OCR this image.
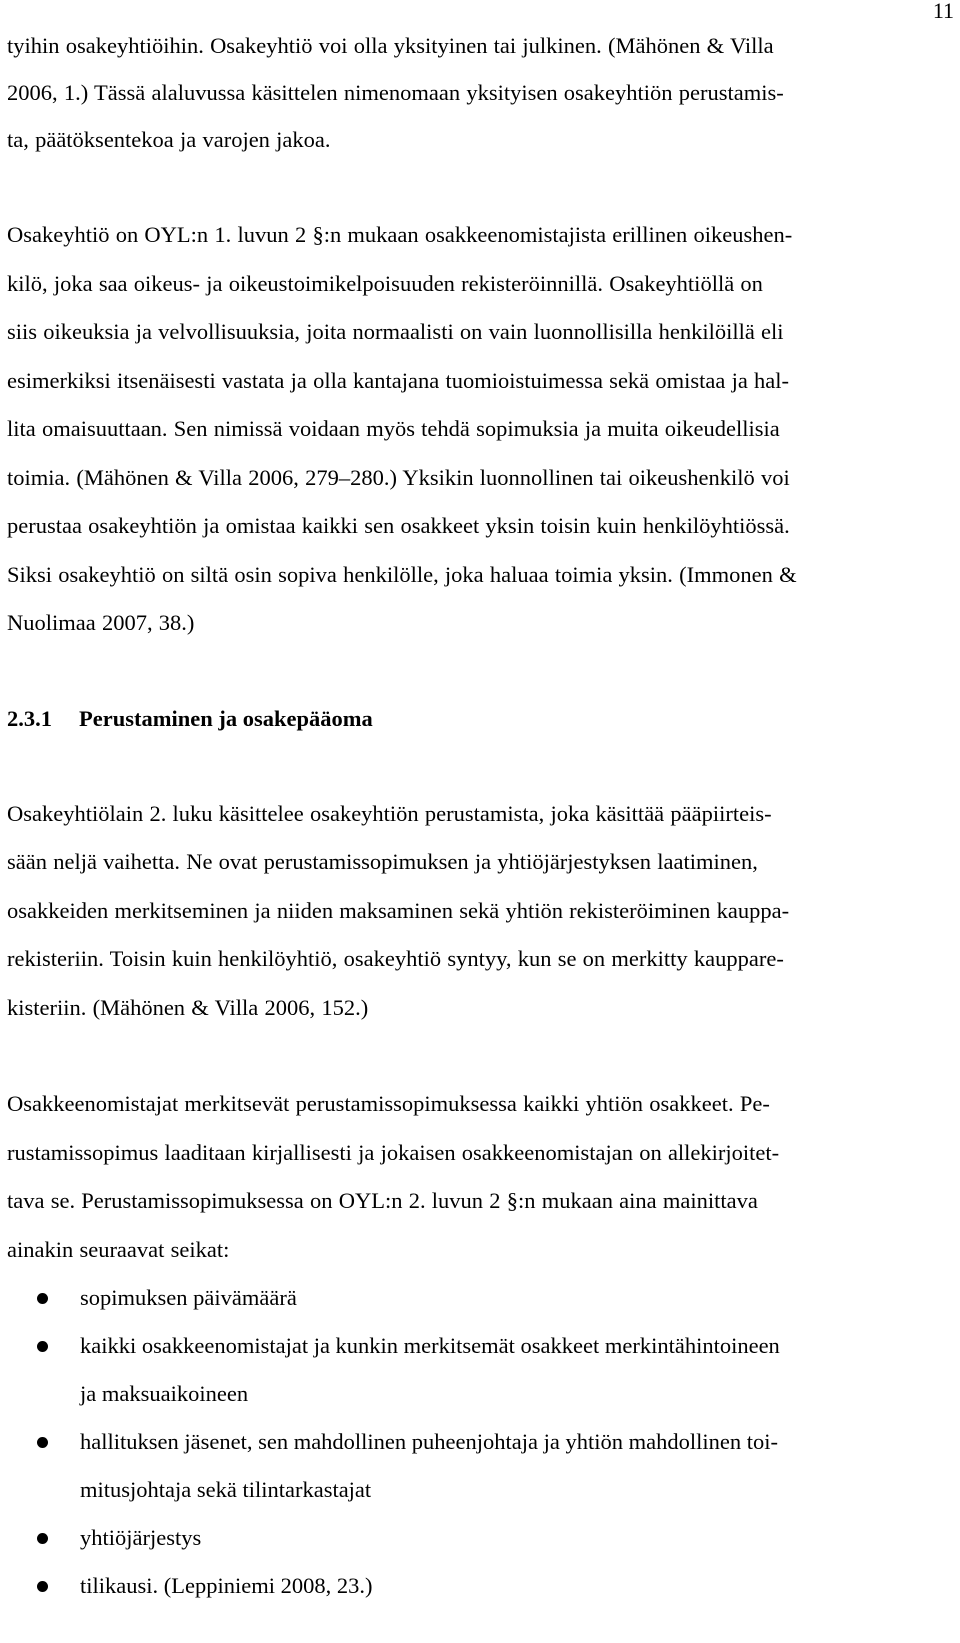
11

tyihin osakeyhtiöihin. Osakeyhtiö voi olla yksityinen tai julkinen. (Mähönen & Villa
2006, 1.) Tässä alaluvussa käsittelen nimenomaan yksityisen osakeyhtiön perustamis-
ta, päätöksentekoa ja varojen jakoa.

Osakeyhtiö on OYL:n 1. luvun 2 §:n mukaan osakkeenomistajista erillinen oikeushen-
kilö, joka saa oikeus- ja oikeustoimikelpoisuuden rekisteröinnillä. Osakeyhtiöllä on
siis oikeuksia ja velvollisuuksia, joita normaalisti on vain luonnollisilla henkilöillä eli
esimerkiksi itsenäisesti vastata ja olla kantajana tuomioistuimessa sekä omistaa ja hal-
lita omaisuuttaan. Sen nimissä voidaan myös tehdä sopimuksia ja muita oikeudellisia
toimia. (Mähönen & Villa 2006, 279–280.) Yksikin luonnollinen tai oikeushenkilö voi
perustaa osakeyhtiön ja omistaa kaikki sen osakkeet yksin toisin kuin henkilöyhtiössä.
Siksi osakeyhtiö on siltä osin sopiva henkilölle, joka haluaa toimia yksin. (Immonen &
Nuolimaa 2007, 38.)

2.3.1 Perustaminen ja osakepääoma

Osakeyhtiölain 2. luku käsittelee osakeyhtiön perustamista, joka käsittää pääpiirteis-
sään neljä vaihetta. Ne ovat perustamissopimuksen ja yhtiöjärjestyksen laatiminen,
osakkeiden merkitseminen ja niiden maksaminen sekä yhtiön rekisteröiminen kauppa-
rekisteriin. Toisin kuin henkilöyhtiö, osakeyhtiö syntyy, kun se on merkitty kauppare-
kisteriin. (Mähönen & Villa 2006, 152.)

Osakkeenomistajat merkitsevät perustamissopimuksessa kaikki yhtiön osakkeet. Pe-
rustamissopimus laaditaan kirjallisesti ja jokaisen osakkeenomistajan on allekirjoitet-
tava se. Perustamissopimuksessa on OYL:n 2. luvun 2 §:n mukaan aina mainittava
ainakin seuraavat seikat:

sopimuksen päivämäärä
kaikki osakkeenomistajat ja kunkin merkitsemät osakkeet merkintähintoineen
ja maksuaikoineen
hallituksen jäsenet, sen mahdollinen puheenjohtaja ja yhtiön mahdollinen toi-
mitusjohtaja sekä tilintarkastajat
yhtiöjärjestys
tilikausi. (Leppiniemi 2008, 23.)
